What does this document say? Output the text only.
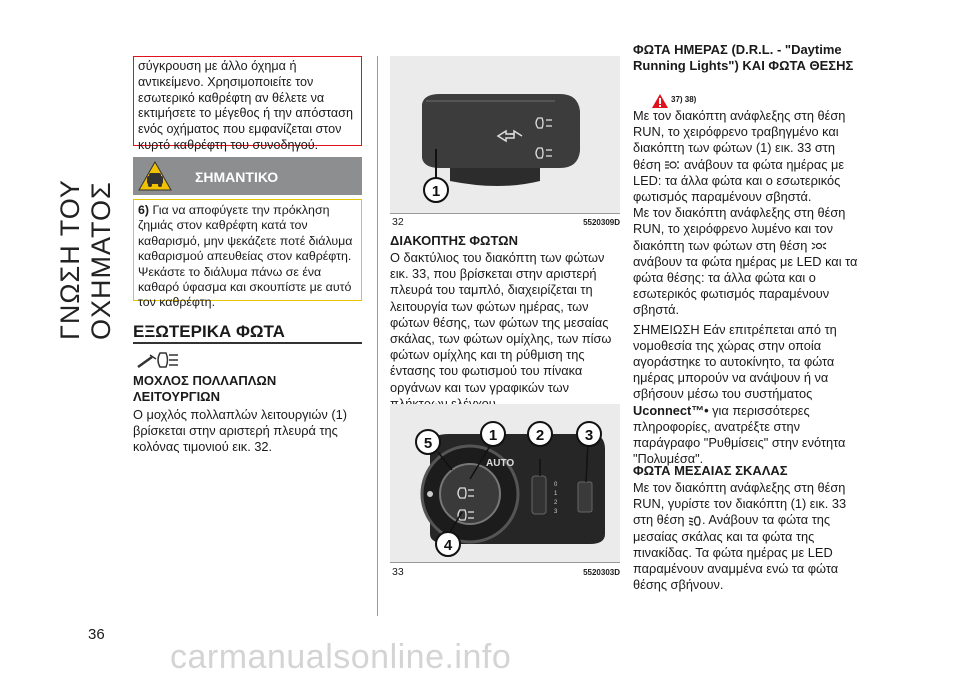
ΓΝΩΣΗ ΤΟΥ ΟΧΗΜΑΤΟΣ
36

σύγκρουση με άλλο όχημα ή αντικείμενο. Χρησιμοποιείτε τον εσωτερικό καθρέφτη αν θέλετε να εκτιμήσετε το μέγεθος ή την απόσταση ενός οχήματος που εμφανίζεται στον κυρτό καθρέφτη του συνοδηγού.

ΣΗΜΑΝΤΙΚΟ

6) Για να αποφύγετε την πρόκληση ζημιάς στον καθρέφτη κατά τον καθαρισμό, μην ψεκάζετε ποτέ διάλυμα καθαρισμού απευθείας στον καθρέφτη. Ψεκάστε το διάλυμα πάνω σε ένα καθαρό ύφασμα και σκουπίστε με αυτό τον καθρέφτη.

ΕΞΩΤΕΡΙΚΑ ΦΩΤΑ
ΜΟΧΛΟΣ ΠΟΛΛΑΠΛΩΝ
ΛΕΙΤΟΥΡΓΙΩΝ
Ο μοχλός πολλαπλών λειτουργιών (1) βρίσκεται στην αριστερή πλευρά της κολόνας τιμονιού εικ. 32.
1
32	5520309D
ΔΙΑΚΟΠΤΗΣ ΦΩΤΩΝ
Ο δακτύλιος του διακόπτη των φώτων εικ. 33, που βρίσκεται στην αριστερή πλευρά του ταμπλό, διαχειρίζεται τη λειτουργία των φώτων ημέρας, των φώτων θέσης, των φώτων της μεσαίας σκάλας, των φώτων ομίχλης, των πίσω φώτων ομίχλης και τη ρύθμιση της έντασης του φωτισμού του πίνακα οργάνων και των γραφικών των
AUTO
0
1
2
3
5	1	2	3
4
33	5520303D
ΦΩΤΑ ΗΜΕΡΑΣ (D.R.L. - "Daytime Running Lights") ΚΑΙ ΦΩΤΑ ΘΕΣΗΣ
37) 38)

Με τον διακόπτη ανάφλεξης στη θέση RUN, το χειρόφρενο τραβηγμένο και διακόπτη των φώτων (1) εικ. 33 στη θέση ανάβουν τα φώτα ημέρας με LED: τα άλλα φώτα και ο εσωτερικός φωτισμός παραμένουν σβηστά.

Με τον διακόπτη ανάφλεξης στη θέση RUN, το χειρόφρενο λυμένο και τον διακόπτη των φώτων στη θέση  ανάβουν τα φώτα ημέρας με LED και τα φώτα θέσης: τα άλλα φώτα και ο εσωτερικός φωτισμός παραμένουν σβηστά.

ΣΗΜΕΙΩΣΗ Εάν επιτρέπεται από τη νομοθεσία της χώρας στην οποία αγοράστηκε το αυτοκίνητο, τα φώτα ημέρας μπορούν να ανάψουν ή να σβήσουν μέσω του συστήματος Uconnect™• για περισσότερες πληροφορίες, ανατρέξτε στην παράγραφο "Ρυθμίσεις" στην ενότητα "Πολυμέσα".

ΦΩΤΑ ΜΕΣΑΙΑΣ ΣΚΑΛΑΣ
Με τον διακόπτη ανάφλεξης στη θέση RUN, γυρίστε τον διακόπτη (1) εικ. 33 στη θέση . Ανάβουν τα φώτα της μεσαίας σκάλας και τα φώτα της πινακίδας. Τα φώτα ημέρας με LED παραμένουν αναμμένα ενώ τα φώτα θέσης σβήνουν.
carmanualsonline.info
